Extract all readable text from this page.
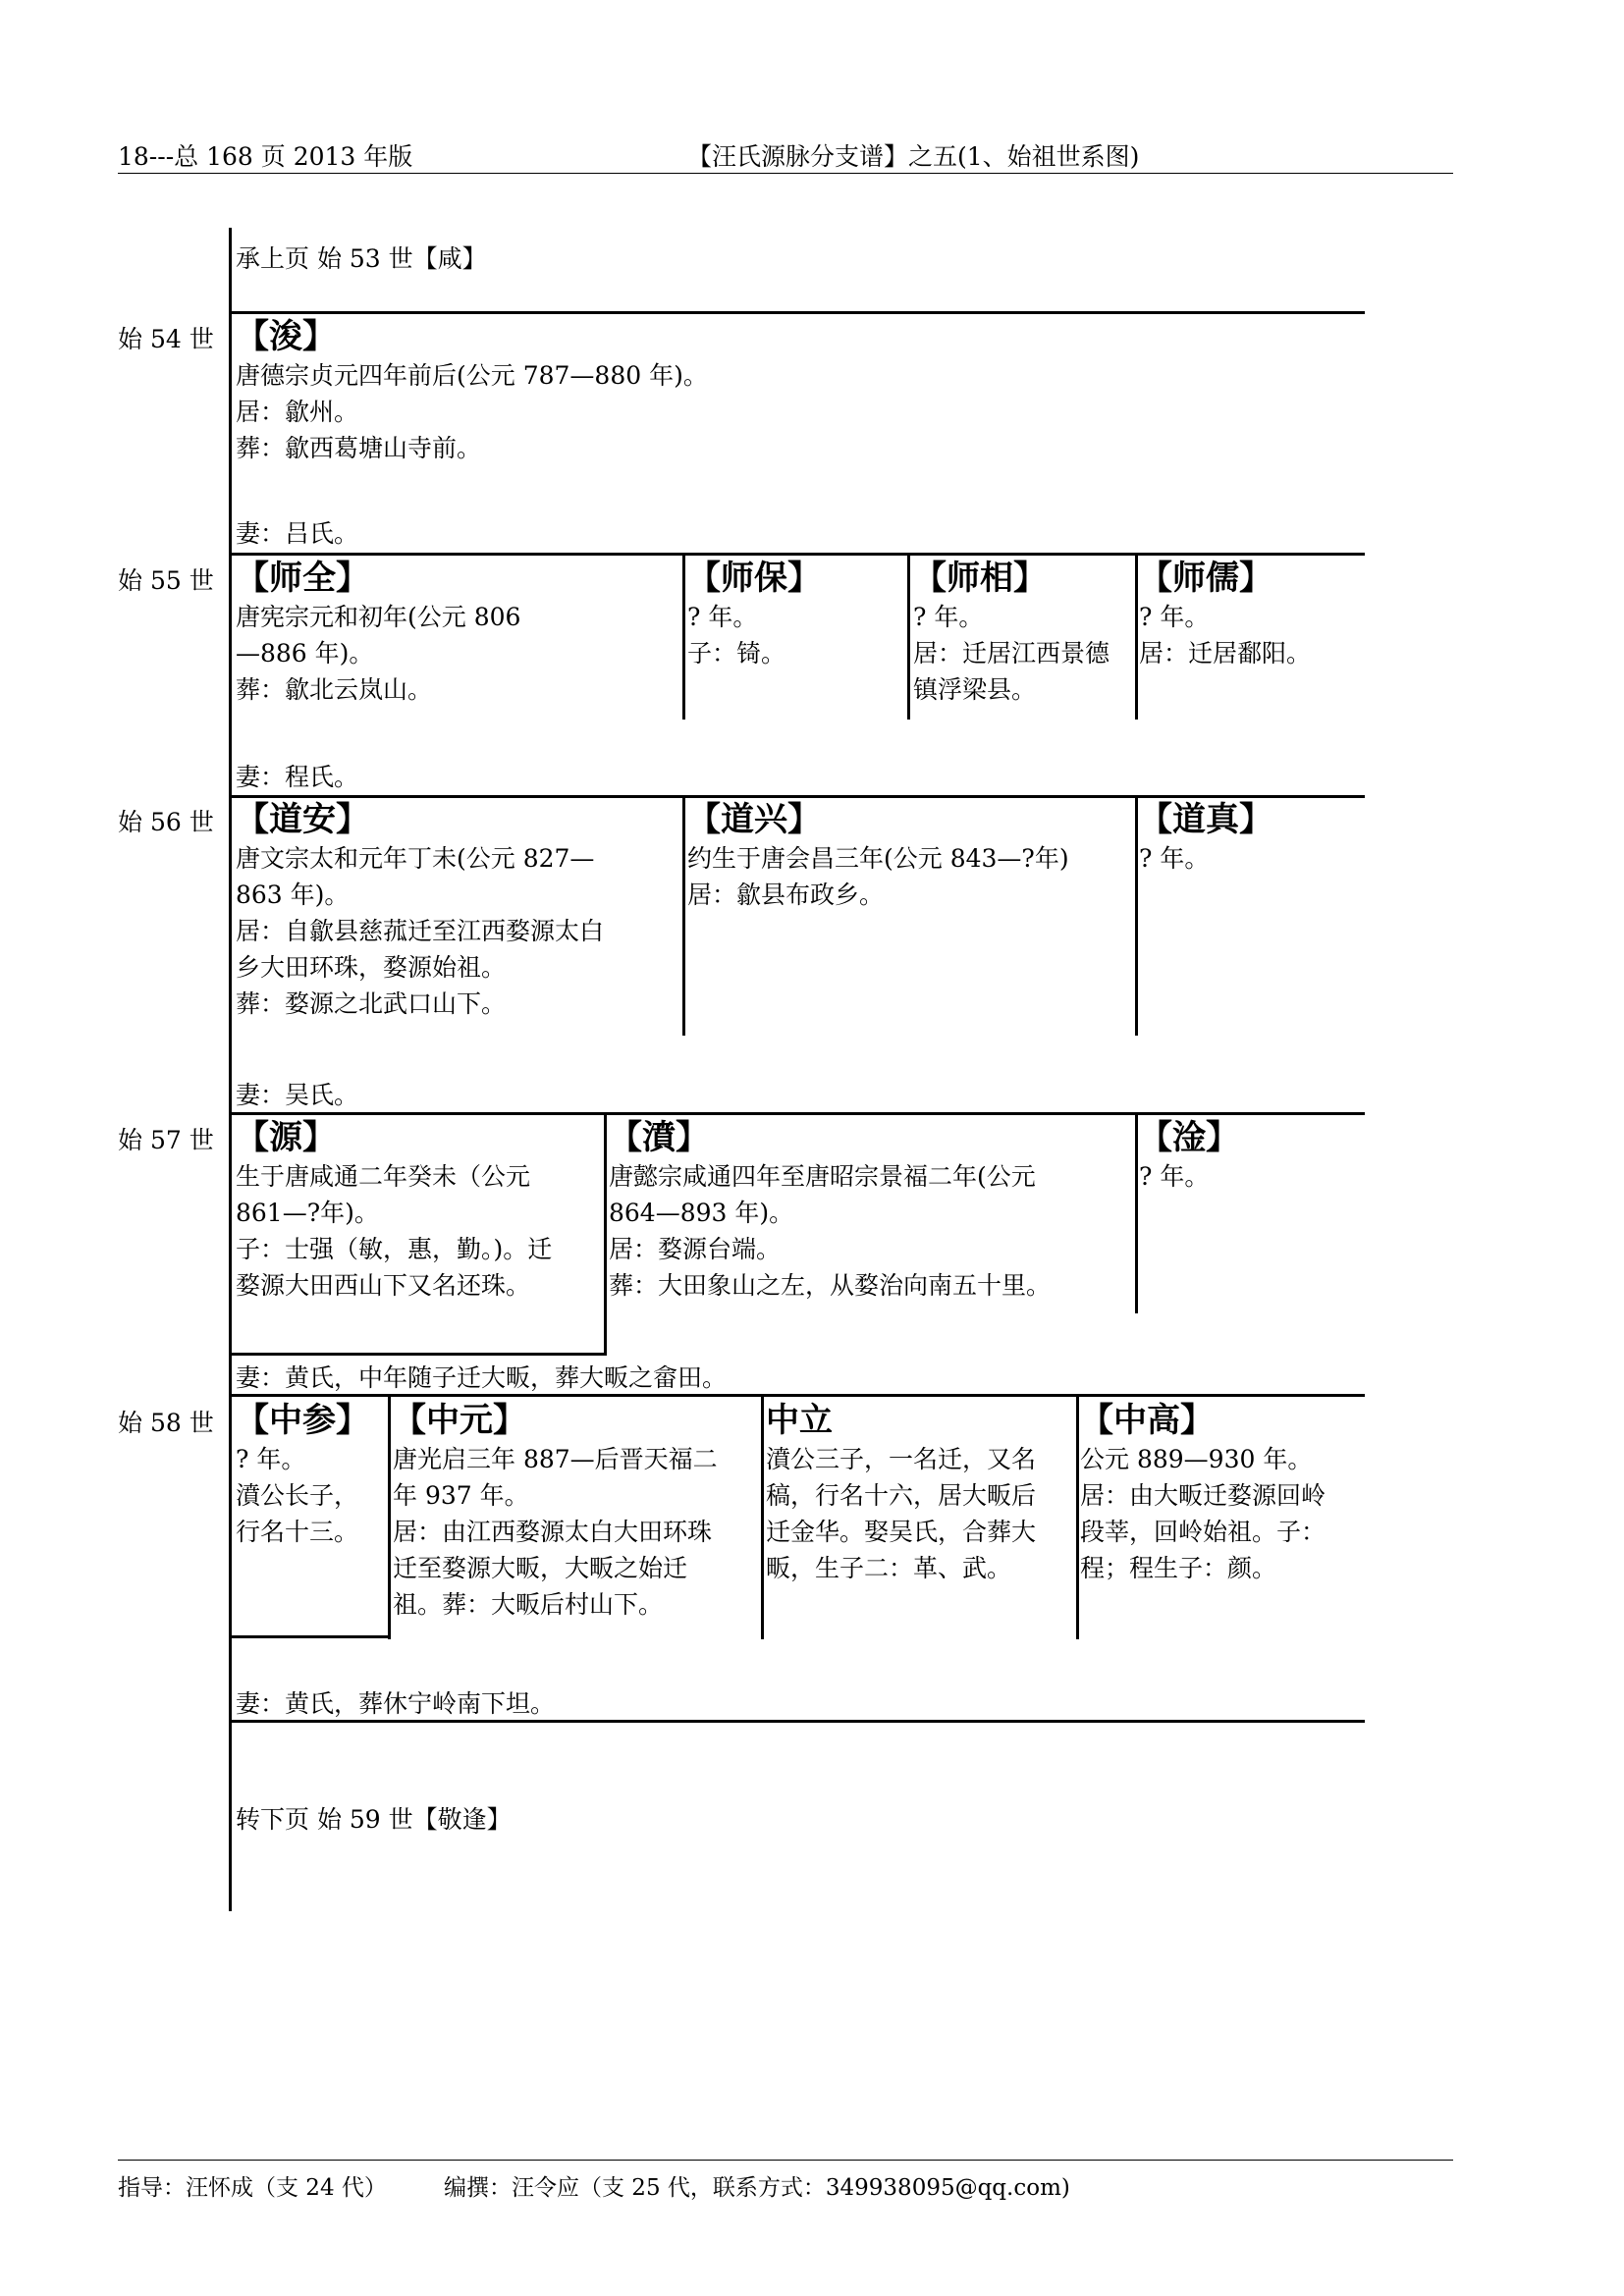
18---总 168 页 2013 年版	【汪氏源脉分支谱】之五(1、始祖世系图)
承上页 始 53 世【咸】
始 54 世 【浚】
唐德宗贞元四年前后(公元 787—880 年)。
居：歙州。
葬：歙西葛塘山寺前。
妻：吕氏。
始 55 世 【师全】
唐宪宗元和初年(公元 806
—886 年)。
葬：歙北云岚山。
【师保】
? 年。
子：锜。
【师相】
? 年。
居：迁居江西景德
镇浮梁县。
【师儒】
? 年。
居：迁居鄱阳。
妻：程氏。
始 56 世 【道安】
唐文宗太和元年丁未(公元 827—
863 年)。
居：自歙县慈菰迁至江西婺源太白
乡大田环珠，婺源始祖。
葬：婺源之北武口山下。
【道兴】
约生于唐会昌三年(公元 843—?年)
居：歙县布政乡。
【道真】
? 年。
妻：吴氏。
始 57 世 【源】
生于唐咸通二年癸未（公元
861—?年)。
子：士强（敏，惠，勤。)。迁
婺源大田西山下又名还珠。
【濆】
唐懿宗咸通四年至唐昭宗景福二年(公元
864—893 年)。
居：婺源台端。
葬：大田象山之左，从婺治向南五十里。
【淦】
? 年。
妻：黄氏，中年随子迁大畈，葬大畈之畲田。
始 58 世 【中参】
? 年。
濆公长子，
行名十三。
【中元】
唐光启三年 887—后晋天福二
年 937 年。
居：由江西婺源太白大田环珠
迁至婺源大畈，大畈之始迁
祖。葬：大畈后村山下。
中立
濆公三子，一名迁，又名
稿，行名十六，居大畈后
迁金华。娶吴氏，合葬大
畈，生子二：革、武。
【中高】
公元 889—930 年。
居：由大畈迁婺源回岭
段莘，回岭始祖。子：
程；程生子：颜。
妻：黄氏，葬休宁岭南下坦。
转下页 始 59 世【敬逢】
指导：汪怀成（支 24 代）	编撰：汪令应（支 25 代，联系方式：349938095@qq.com)
